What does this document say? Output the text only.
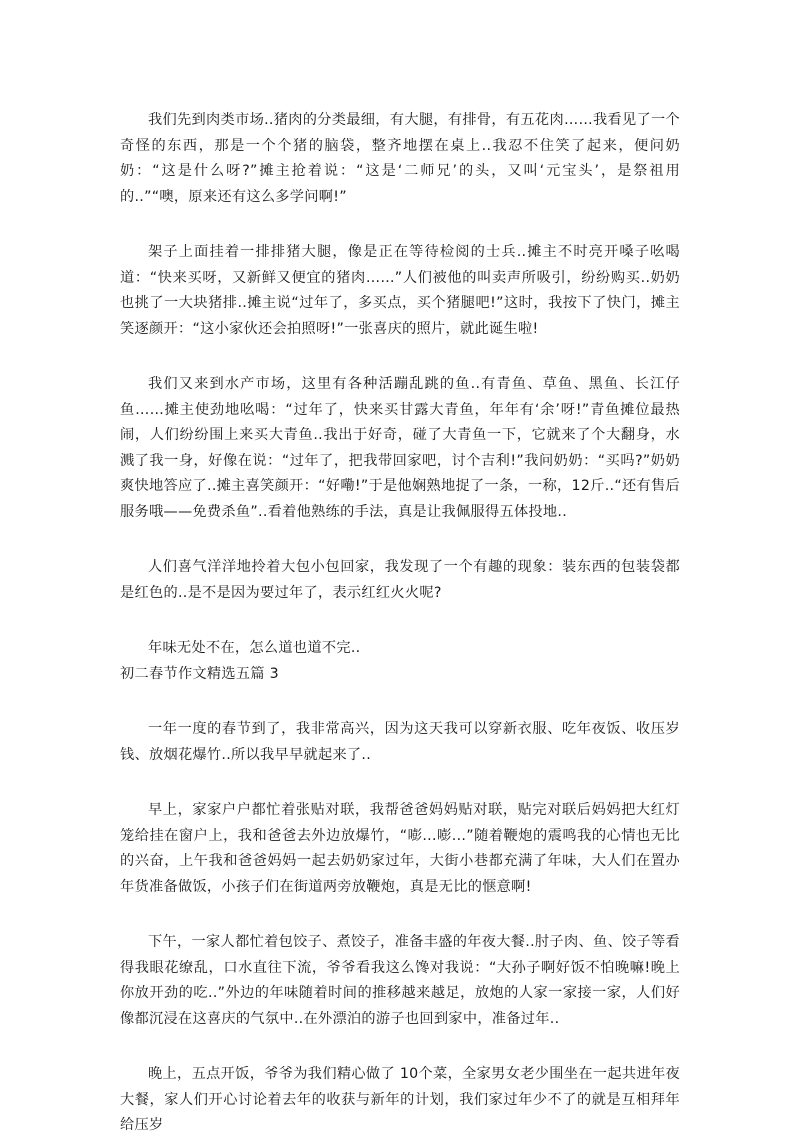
我们先到肉类市场..猪肉的分类最细，有大腿，有排骨，有五花肉……我看见了一个奇怪的东西，那是一个个猪的脑袋，整齐地摆在桌上..我忍不住笑了起来，便问奶奶：“这是什么呀?”摊主抢着说：“这是‘二师兄’的头，又叫‘元宝头’，是祭祖用的..”“噢，原来还有这么多学问啊!”

架子上面挂着一排排猪大腿，像是正在等待检阅的士兵..摊主不时亮开嗓子吆喝道：“快来买呀，又新鲜又便宜的猪肉……”人们被他的叫卖声所吸引，纷纷购买..奶奶也挑了一大块猪排..摊主说“过年了，多买点，买个猪腿吧!”这时，我按下了快门，摊主笑逐颜开：“这小家伙还会拍照呀!”一张喜庆的照片，就此诞生啦!

我们又来到水产市场，这里有各种活蹦乱跳的鱼..有青鱼、草鱼、黑鱼、长江仔鱼……摊主使劲地吆喝：“过年了，快来买甘露大青鱼，年年有‘余’呀!”青鱼摊位最热闹，人们纷纷围上来买大青鱼..我出于好奇，碰了大青鱼一下，它就来了个大翻身，水溅了我一身，好像在说：“过年了，把我带回家吧，讨个吉利!”我问奶奶：“买吗?”奶奶爽快地答应了..摊主喜笑颜开：“好嘞!”于是他娴熟地捉了一条，一称，12斤..“还有售后服务哦——免费杀鱼”..看着他熟练的手法，真是让我佩服得五体投地..

人们喜气洋洋地拎着大包小包回家，我发现了一个有趣的现象：装东西的包装袋都是红色的..是不是因为要过年了，表示红红火火呢?

年味无处不在，怎么道也道不完..

初二春节作文精选五篇 3

一年一度的春节到了，我非常高兴，因为这天我可以穿新衣服、吃年夜饭、收压岁钱、放烟花爆竹..所以我早早就起来了..

早上，家家户户都忙着张贴对联，我帮爸爸妈妈贴对联，贴完对联后妈妈把大红灯笼给挂在窗户上，我和爸爸去外边放爆竹，“嘭...嘭...”随着鞭炮的震鸣我的心情也无比的兴奋，上午我和爸爸妈妈一起去奶奶家过年，大街小巷都充满了年味，大人们在置办年货准备做饭，小孩子们在街道两旁放鞭炮，真是无比的惬意啊!

下午，一家人都忙着包饺子、煮饺子，准备丰盛的年夜大餐..肘子肉、鱼、饺子等看得我眼花缭乱，口水直往下流，爷爷看我这么馋对我说：“大孙子啊好饭不怕晚嘛!晚上你放开劲的吃..”外边的年味随着时间的推移越来越足，放炮的人家一家接一家，人们好像都沉浸在这喜庆的气氛中..在外漂泊的游子也回到家中，准备过年..

晚上，五点开饭，爷爷为我们精心做了 10个菜，全家男女老少围坐在一起共进年夜大餐，家人们开心讨论着去年的收获与新年的计划，我们家过年少不了的就是互相拜年给压岁
